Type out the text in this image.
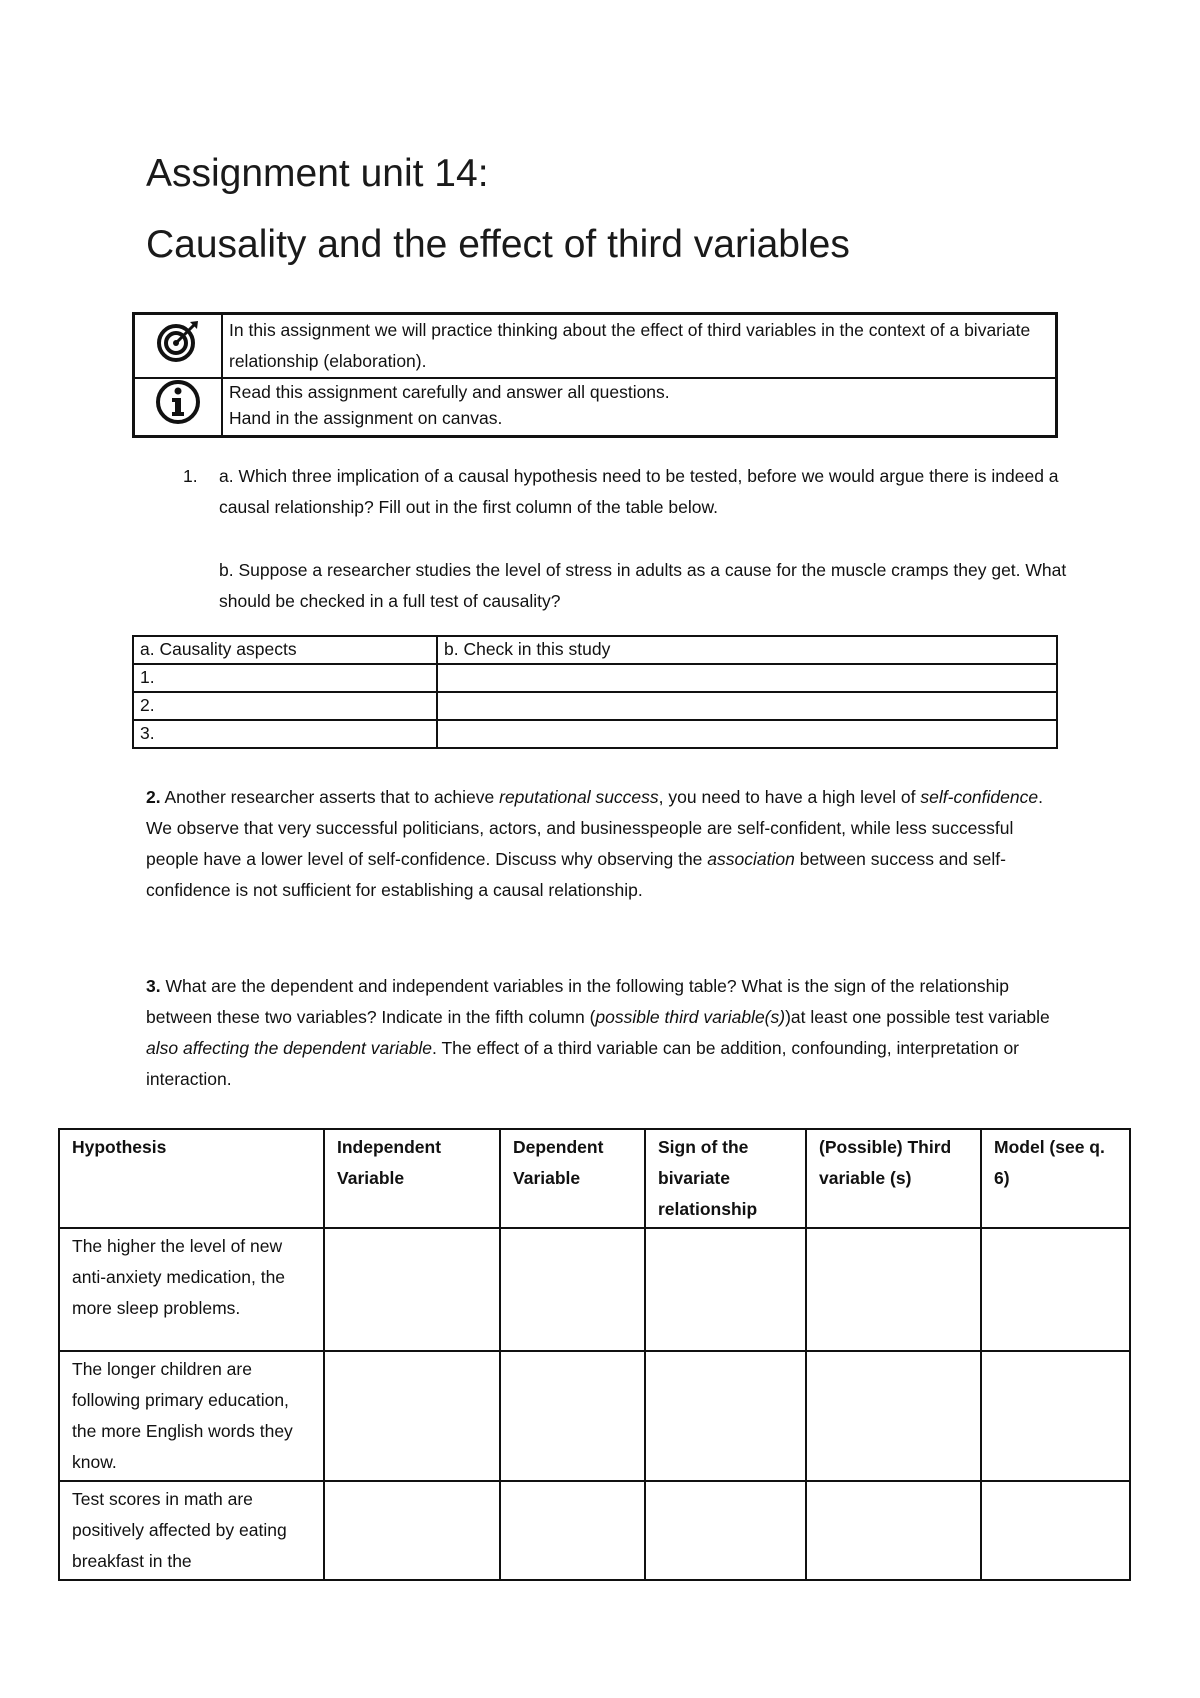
Assignment unit 14:
Causality and the effect of third variables
	In this assignment we will practice thinking about the effect of third variables in the context of a bivariate relationship (elaboration).

Read this assignment carefully and answer all questions.
Hand in the assignment on canvas.
1. a. Which three implication of a causal hypothesis need to be tested, before we would argue there is indeed a causal relationship? Fill out in the first column of the table below.
b. Suppose a researcher studies the level of stress in adults as a cause for the muscle cramps they get. What should be checked in a full test of causality?
a. Causality aspects	b. Check in this study
1.	
2.	
3.	
2. Another researcher asserts that to achieve reputational success, you need to have a high level of self-confidence. We observe that very successful politicians, actors, and businesspeople are self-confident, while less successful people have a lower level of self-confidence. Discuss why observing the association between success and self-confidence is not sufficient for establishing a causal relationship.
3. What are the dependent and independent variables in the following table? What is the sign of the relationship between these two variables? Indicate in the fifth column (possible third variable(s))at least one possible test variable also affecting the dependent variable. The effect of a third variable can be addition, confounding, interpretation or interaction.
Hypothesis	Independent Variable	Dependent Variable	Sign of the bivariate relationship	(Possible) Third variable (s)	Model (see q. 6)
The higher the level of new anti-anxiety medication, the more sleep problems.					
The longer children are following primary education, the more English words they know.					
Test scores in math are positively affected by eating breakfast in the					
